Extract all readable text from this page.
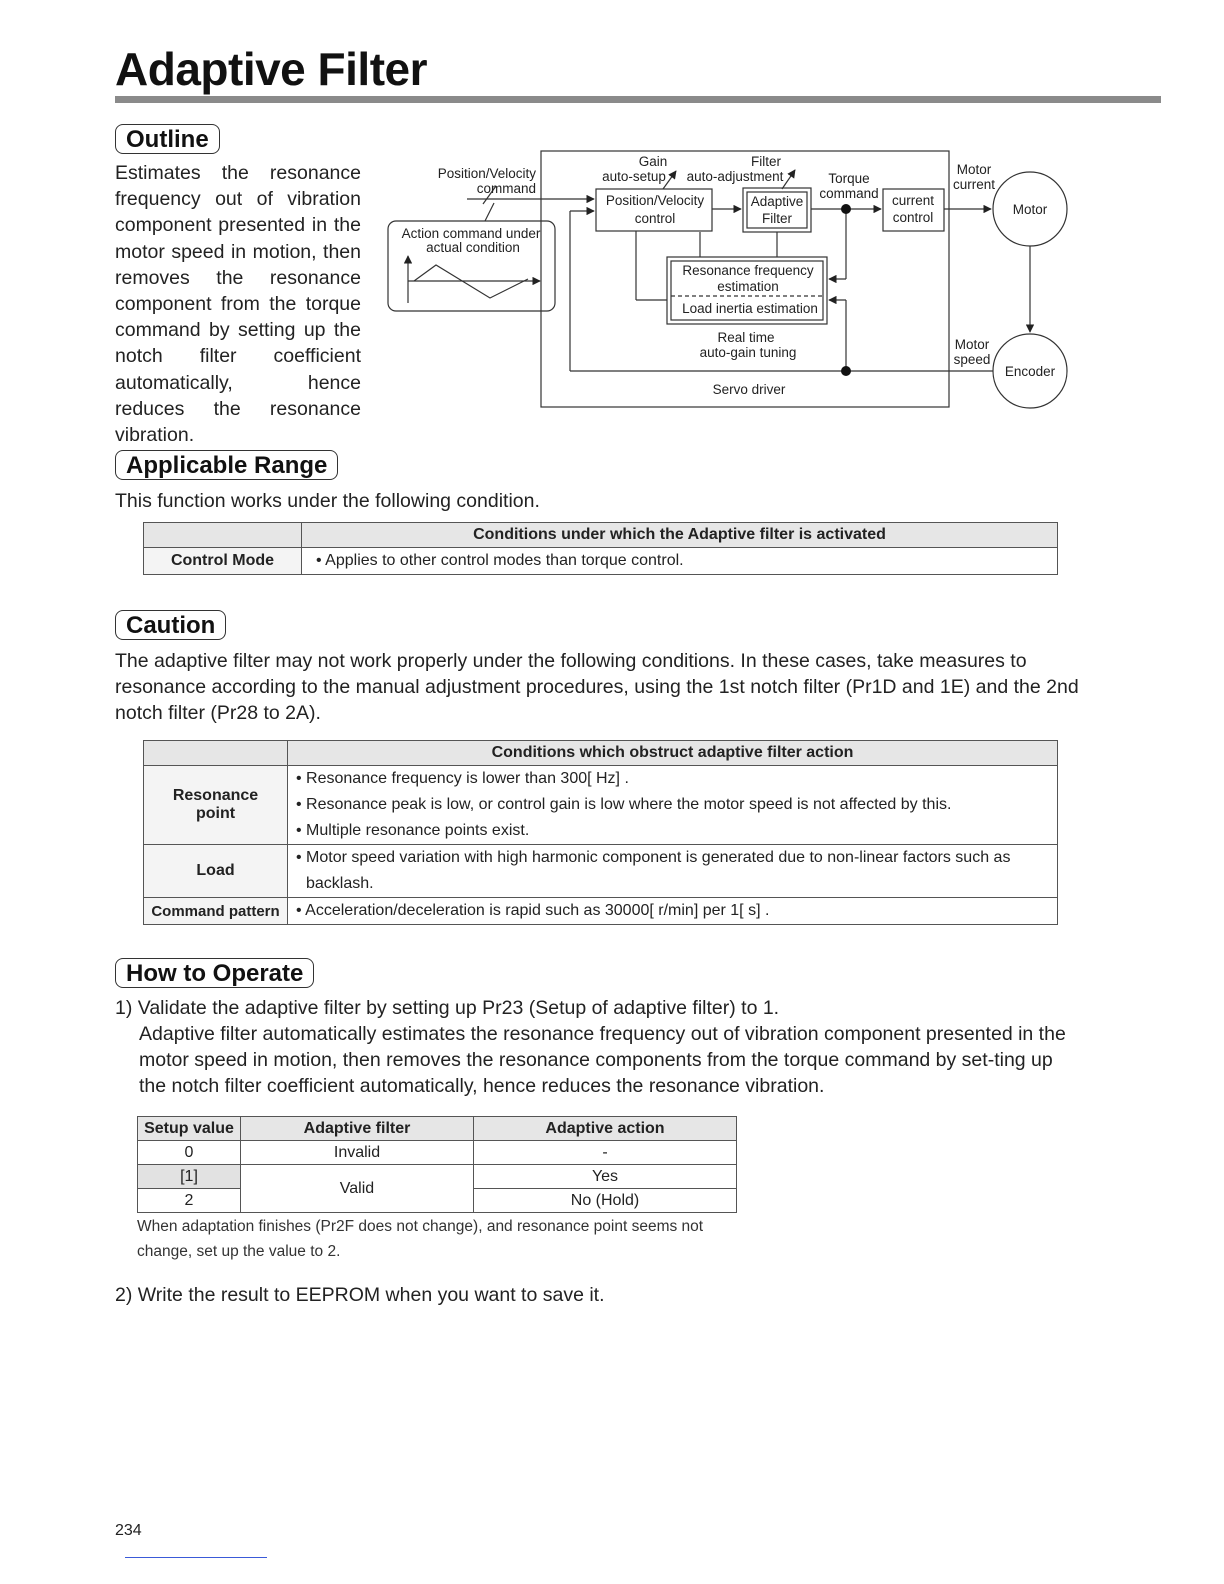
Adaptive Filter
Outline

Estimates the resonance frequency out of vibration component presented in the motor speed in motion, then removes the resonance component from the torque command by setting up the notch filter coefficient automatically, hence reduces the resonance vibration.

Position/Velocity
command
Gain
auto-setup
Filter
auto-adjustment	Torque
command
Motor
current
Action command under
actual condition
Position/Velocity
control
Adaptive
Filter
current
control
Motor
Resonance frequency
estimation
Load inertia estimation
Real time
auto-gain tuning
Motor
speed
Encoder
Servo driver
Applicable Range

This function works under the following condition.

	Conditions under which the Adaptive filter is activated
Control Mode	• Applies to other control modes than torque control.
Caution

The adaptive filter may not work properly under the following conditions. In these cases, take measures to resonance according to the manual adjustment procedures, using the 1st notch filter (Pr1D and 1E) and the 2nd notch filter (Pr28 to 2A).

	Conditions which obstruct adaptive filter action
Resonance point	• Resonance frequency is lower than 300[ Hz] .
• Resonance peak is low, or control gain is low where the motor speed is not affected by this.
• Multiple resonance points exist.

Load	• Motor speed variation with high harmonic component is generated due to non-linear factors such as
backlash.

Command pattern	• Acceleration/deceleration is rapid such as 30000[ r/min] per 1[ s] .
How to Operate

1) Validate the adaptive filter by setting up Pr23 (Setup of adaptive filter) to 1.

Adaptive filter automatically estimates the resonance frequency out of vibration component presented in the motor speed in motion, then removes the resonance components from the torque command by set-ting up the notch filter coefficient automatically, hence reduces the resonance vibration.

Setup value	Adaptive filter	Adaptive action
0	Invalid	-
[1]	Valid	Yes
2		No (Hold)

When adaptation finishes (Pr2F does not change), and resonance point seems not change, set up the value to 2.

2) Write the result to EEPROM when you want to save it.

234
